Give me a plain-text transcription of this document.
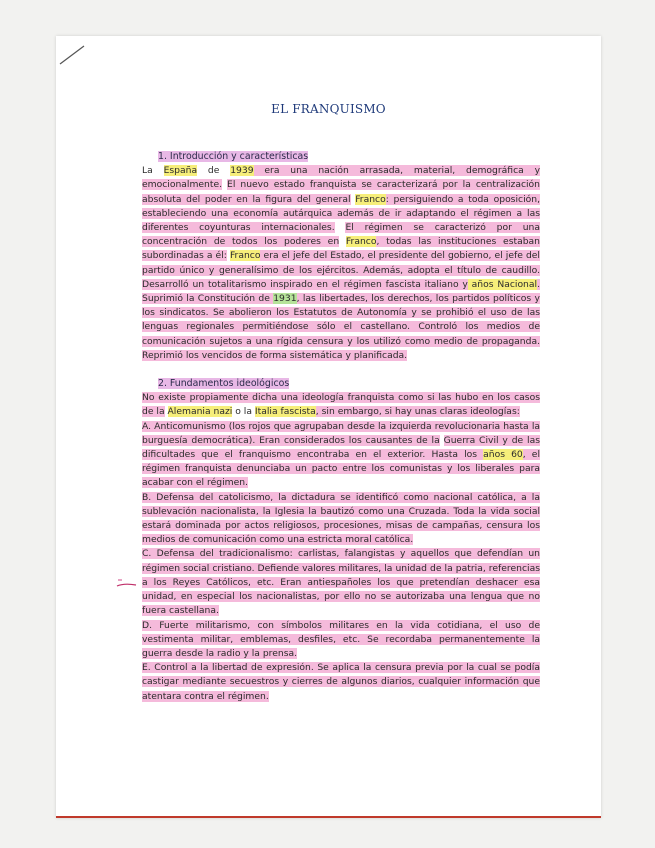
EL FRANQUISMO
1. Introducción y características

La España de 1939 era una nación arrasada, material, demográfica y emocionalmente. El nuevo estado franquista se caracterizará por la centralización absoluta del poder en la figura del general Franco: persiguiendo a toda oposición, estableciendo una economía autárquica además de ir adaptando el régimen a las diferentes coyunturas internacionales. El régimen se caracterizó por una concentración de todos los poderes en Franco, todas las instituciones estaban subordinadas a él: Franco era el jefe del Estado, el presidente del gobierno, el jefe del partido único y generalísimo de los ejércitos. Además, adopta el título de caudillo. Desarrolló un totalitarismo inspirado en el régimen fascista italiano y años Nacional. Suprimió la Constitución de 1931, las libertades, los derechos, los partidos políticos y los sindicatos. Se abolieron los Estatutos de Autonomía y se prohibió el uso de las lenguas regionales permitiéndose sólo el castellano. Controló los medios de comunicación sujetos a una rígida censura y los utilizó como medio de propaganda. Reprimió los vencidos de forma sistemática y planificada.

2. Fundamentos ideológicos

No existe propiamente dicha una ideología franquista como si las hubo en los casos de la Alemania nazi o la Italia fascista, sin embargo, si hay unas claras ideologías:

A. Anticomunismo (los rojos que agrupaban desde la izquierda revolucionaria hasta la burguesía democrática). Eran considerados los causantes de la Guerra Civil y de las dificultades que el franquismo encontraba en el exterior. Hasta los años 60, el régimen franquista denunciaba un pacto entre los comunistas y los liberales para acabar con el régimen.

B. Defensa del catolicismo, la dictadura se identificó como nacional católica, a la sublevación nacionalista, la Iglesia la bautizó como una Cruzada. Toda la vida social estará dominada por actos religiosos, procesiones, misas de campañas, censura los medios de comunicación como una estricta moral católica.

C. Defensa del tradicionalismo: carlistas, falangistas y aquellos que defendían un régimen social cristiano. Defiende valores militares, la unidad de la patria, referencias a los Reyes Católicos, etc. Eran antiespañoles los que pretendían deshacer esa unidad, en especial los nacionalistas, por ello no se autorizaba una lengua que no fuera castellana.

D. Fuerte militarismo, con símbolos militares en la vida cotidiana, el uso de vestimenta militar, emblemas, desfiles, etc. Se recordaba permanentemente la guerra desde la radio y la prensa.

E. Control a la libertad de expresión. Se aplica la censura previa por la cual se podía castigar mediante secuestros y cierres de algunos diarios, cualquier información que atentara contra el régimen.
